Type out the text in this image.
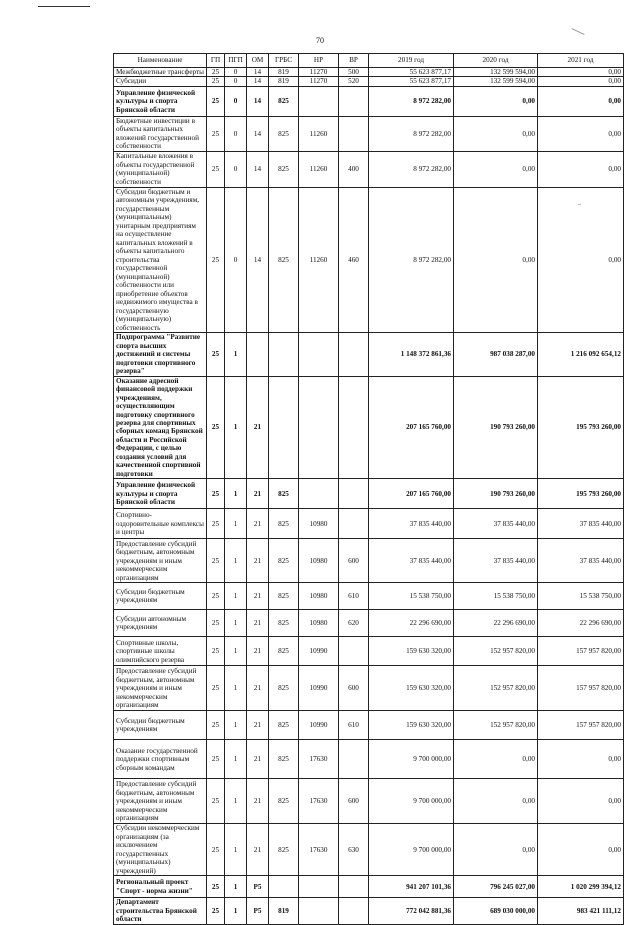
70
Наименование	ГП	ПГП	ОМ	ГРБС	НР	ВР	2019 год	2020 год	2021 год
Межбюджетные трансферты	25	0	14	819	11270	500	55 623 877,17	132 599 594,00	0,00
Субсидии	25	0	14	819	11270	520	55 623 877,17	132 599 594,00	0,00
Управление физической культуры и спорта Брянской области	25	0	14	825			8 972 282,00	0,00	0,00
Бюджетные инвестиции в объекты капитальных вложений государственной собственности	25	0	14	825	11260		8 972 282,00	0,00	0,00
Капитальные вложения в объекты государственной (муниципальной) собственности	25	0	14	825	11260	400	8 972 282,00	0,00	0,00
Субсидии бюджетным и автономным учреждениям, государственным (муниципальным) унитарным предприятиям на осуществление капитальных вложений в объекты капитального строительства государственной (муниципальной) собственности или приобретение объектов недвижимого имущества в государственную (муниципальную) собственность	25	0	14	825	11260	460	8 972 282,00	0,00	0,00
Подпрограмма "Развитие спорта высших достижений и системы подготовки спортивного резерва"	25	1					1 148 372 861,36	987 038 287,00	1 216 092 654,12
Оказание адресной финансовой поддержки учреждениям, осуществляющим подготовку спортивного резерва для спортивных сборных команд Брянской области и Российской Федерации, с целью создания условий для качественной спортивной подготовки	25	1	21				207 165 760,00	190 793 260,00	195 793 260,00
Управление физической культуры и спорта Брянской области	25	1	21	825			207 165 760,00	190 793 260,00	195 793 260,00
Спортивно-оздоровительные комплексы и центры	25	1	21	825	10980		37 835 440,00	37 835 440,00	37 835 440,00
Предоставление субсидий бюджетным, автономным учреждениям и иным некоммерческим организациям	25	1	21	825	10980	600	37 835 440,00	37 835 440,00	37 835 440,00
Субсидии бюджетным учреждениям	25	1	21	825	10980	610	15 538 750,00	15 538 750,00	15 538 750,00
Субсидии автономным учреждениям	25	1	21	825	10980	620	22 296 690,00	22 296 690,00	22 296 690,00
Спортивные школы, спортивные школы олимпийского резерва	25	1	21	825	10990		159 630 320,00	152 957 820,00	157 957 820,00
Предоставление субсидий бюджетным, автономным учреждениям и иным некоммерческим организациям	25	1	21	825	10990	600	159 630 320,00	152 957 820,00	157 957 820,00
Субсидии бюджетным учреждениям	25	1	21	825	10990	610	159 630 320,00	152 957 820,00	157 957 820,00
Оказание государственной поддержки спортивным сборным командам	25	1	21	825	17630		9 700 000,00	0,00	0,00
Предоставление субсидий бюджетным, автономным учреждениям и иным некоммерческим организациям	25	1	21	825	17630	600	9 700 000,00	0,00	0,00
Субсидии некоммерческим организациям (за исключением государственных (муниципальных) учреждений)	25	1	21	825	17630	630	9 700 000,00	0,00	0,00
Региональный проект "Спорт - норма жизни"	25	1	P5				941 207 101,36	796 245 027,00	1 020 299 394,12
Департамент строительства Брянской области	25	1	P5	819			772 042 881,36	689 030 000,00	983 421 111,12
